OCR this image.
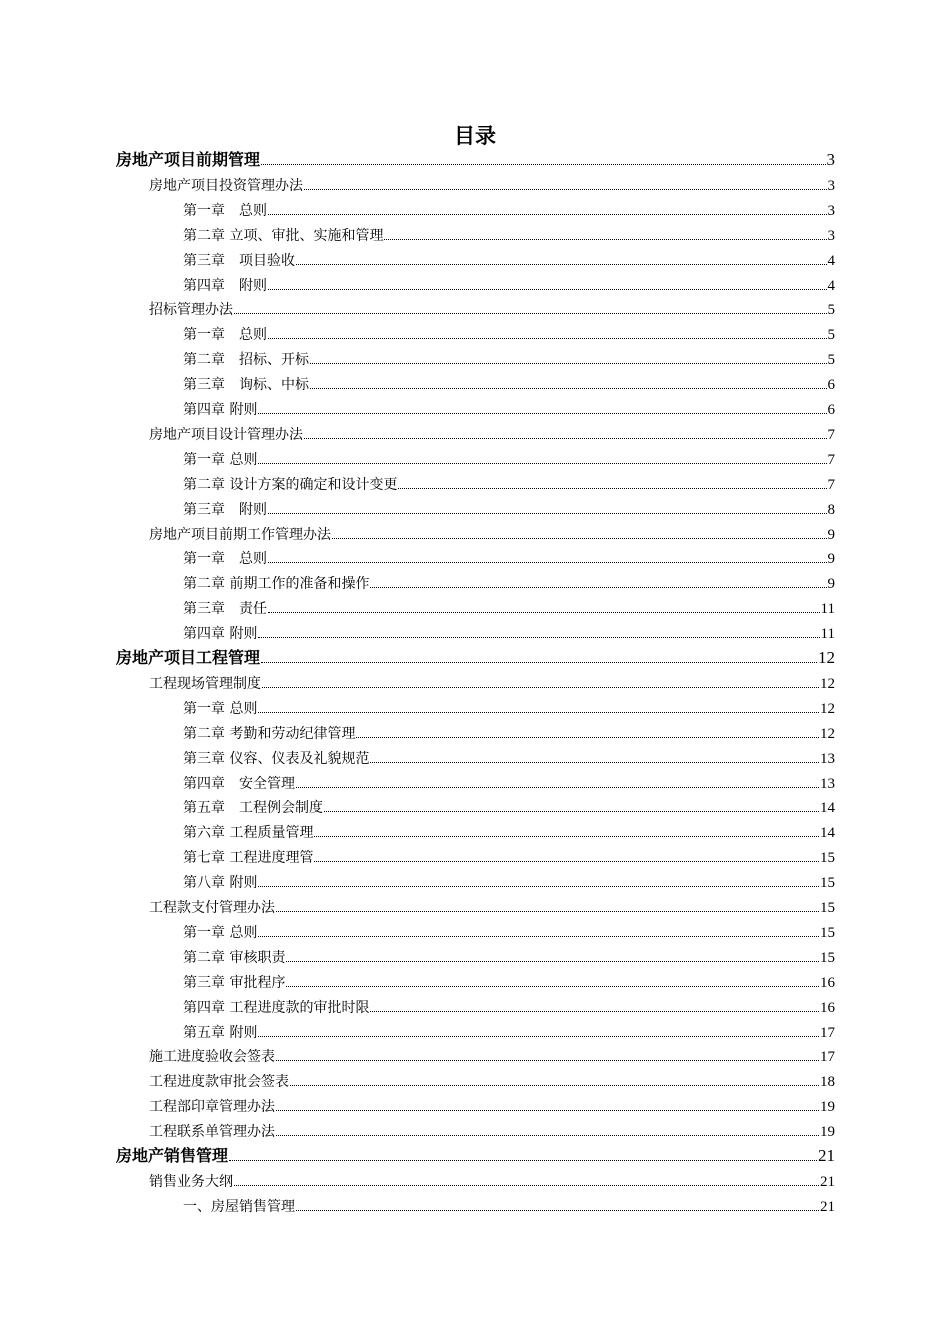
目录
房地产项目前期管理	3
房地产项目投资管理办法	3
第一章　总则	3
第二章 立项、审批、实施和管理	3
第三章　项目验收	4
第四章　附则	4
招标管理办法	5
第一章　总则	5
第二章　招标、开标	5
第三章　询标、中标	6
第四章 附则	6
房地产项目设计管理办法	7
第一章 总则	7
第二章 设计方案的确定和设计变更	7
第三章　附则	8
房地产项目前期工作管理办法	9
第一章　总则	9
第二章 前期工作的准备和操作	9
第三章　责任	11
第四章 附则	11
房地产项目工程管理	12
工程现场管理制度	12
第一章 总则	12
第二章 考勤和劳动纪律管理	12
第三章 仪容、仪表及礼貌规范	13
第四章　安全管理	13
第五章　工程例会制度	14
第六章 工程质量管理	14
第七章 工程进度理管	15
第八章 附则	15
工程款支付管理办法	15
第一章 总则	15
第二章 审核职责	15
第三章 审批程序	16
第四章 工程进度款的审批时限	16
第五章 附则	17
施工进度验收会签表	17
工程进度款审批会签表	18
工程部印章管理办法	19
工程联系单管理办法	19
房地产销售管理	21
销售业务大纲	21
一、房屋销售管理	21
